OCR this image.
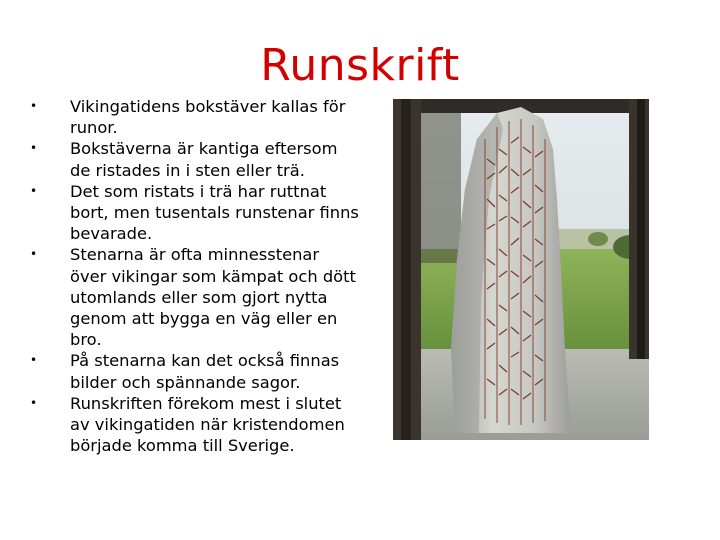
Runskrift
• Vikingatidens bokstäver kallas för runor.
• Bokstäverna är kantiga eftersom de ristades in i sten eller trä.
• Det som ristats i trä har ruttnat bort, men tusentals runstenar finns bevarade.
• Stenarna är ofta minnesstenar över vikingar som kämpat och dött utomlands eller som gjort nytta genom att bygga en väg eller en bro.
• På stenarna kan det också finnas bilder och spännande sagor.
• Runskriften förekom mest i slutet av vikingatiden när kristendomen började komma till Sverige.
